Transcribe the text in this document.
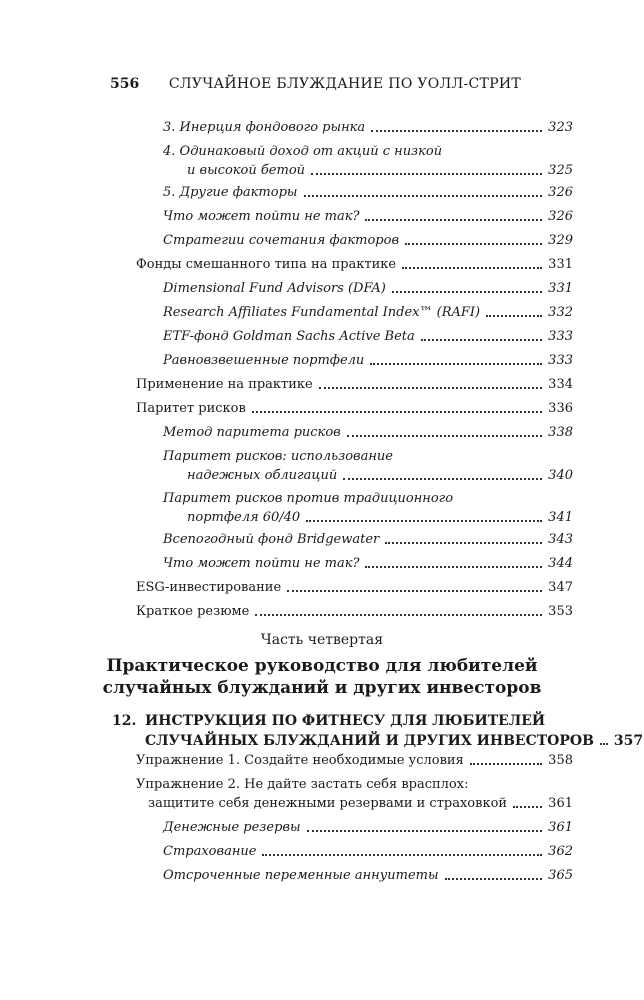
556	СЛУЧАЙНОЕ БЛУЖДАНИЕ ПО УОЛЛ-СТРИТ
3. Инерция фондового рынка	323
4. Одинаковый доход от акций с низкой
и высокой бетой	325
5. Другие факторы	326
Что может пойти не так?	326
Стратегии сочетания факторов	329
Фонды смешанного типа на практике	331
Dimensional Fund Advisors (DFA)	331
Research Affiliates Fundamental Index™ (RAFI)	332
ETF-фонд Goldman Sachs Active Beta	333
Равновзвешенные портфели	333
Применение на практике	334
Паритет рисков	336
Метод паритета рисков	338
Паритет рисков: использование
надежных облигаций	340
Паритет рисков против традиционного
портфеля 60/40	341
Всепогодный фонд Bridgewater	343
Что может пойти не так?	344
ESG-инвестирование	347
Краткое резюме	353
Часть четвертая
Практическое руководство для любителей
случайных блужданий и других инвесторов
12. ИНСТРУКЦИЯ ПО ФИТНЕСУ ДЛЯ ЛЮБИТЕЛЕЙ
СЛУЧАЙНЫХ БЛУЖДАНИЙ И ДРУГИХ ИНВЕСТОРОВ 357
Упражнение 1. Создайте необходимые условия	358
Упражнение 2. Не дайте застать себя врасплох:
защитите себя денежными резервами и страховкой	361
Денежные резервы	361
Страхование	362
Отсроченные переменные аннуитеты	365
